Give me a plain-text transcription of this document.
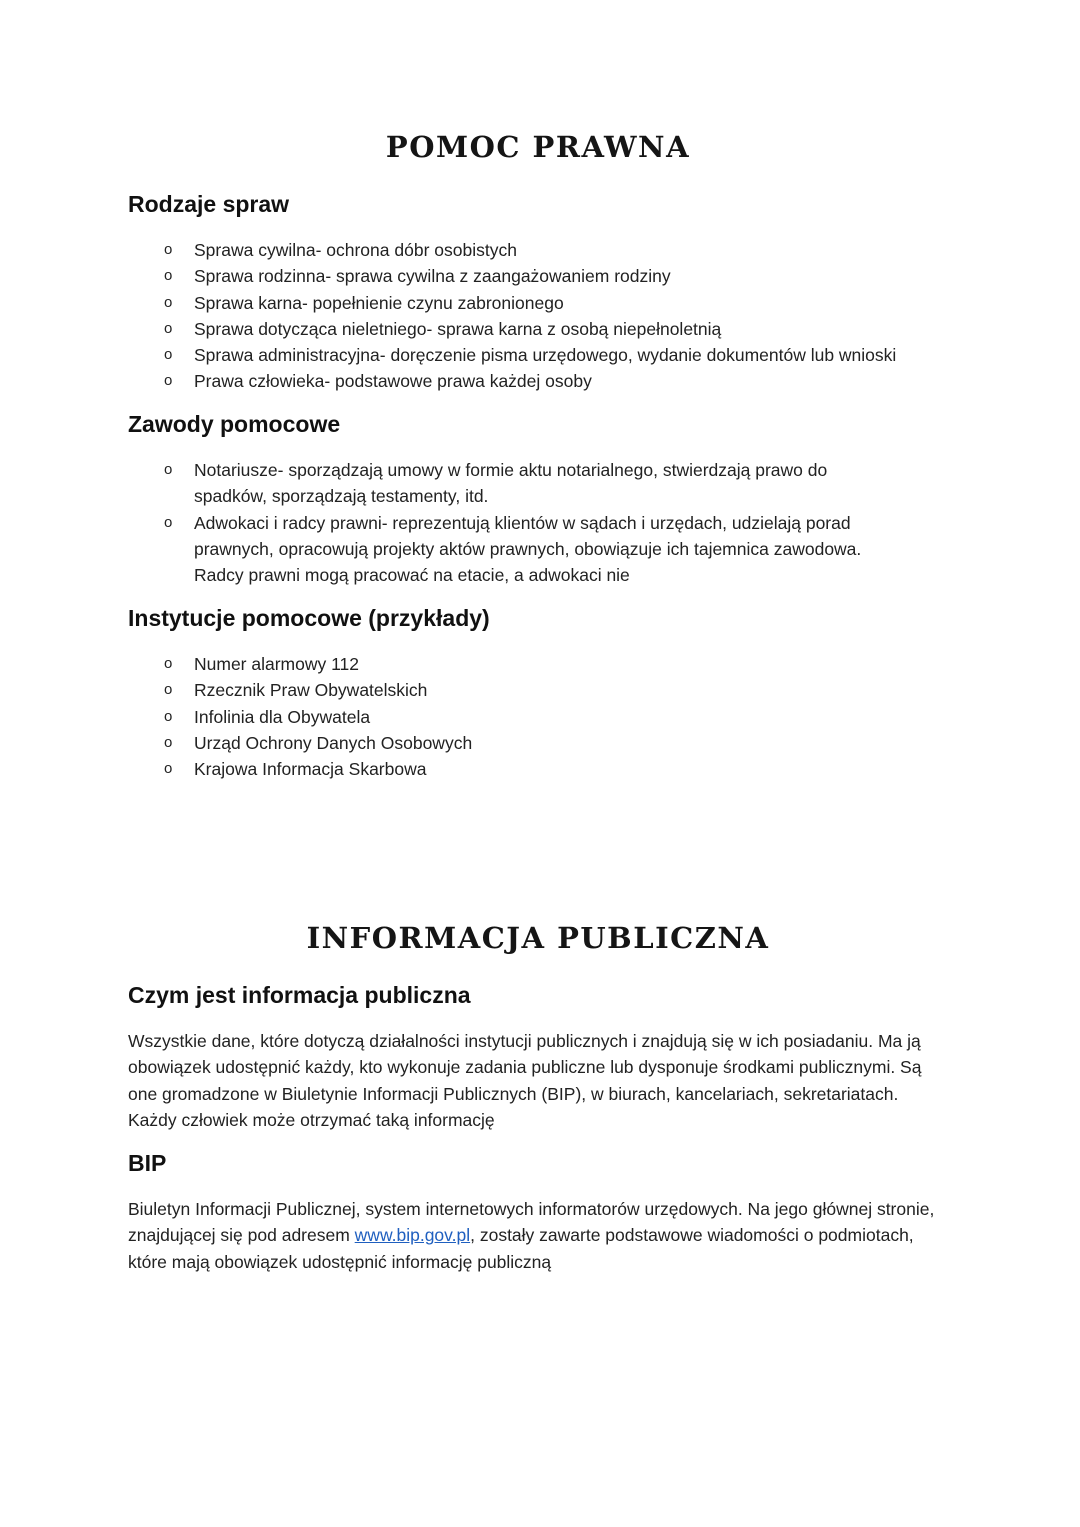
POMOC PRAWNA
Rodzaje spraw
o Sprawa cywilna- ochrona dóbr osobistych
o Sprawa rodzinna- sprawa cywilna z zaangażowaniem rodziny
o Sprawa karna- popełnienie czynu zabronionego
o Sprawa dotycząca nieletniego- sprawa karna z osobą niepełnoletnią
o Sprawa administracyjna- doręczenie pisma urzędowego, wydanie dokumentów lub wnioski
o Prawa człowieka- podstawowe prawa każdej osoby
Zawody pomocowe
o Notariusze- sporządzają umowy w formie aktu notarialnego, stwierdzają prawo do spadków, sporządzają testamenty, itd.
o Adwokaci i radcy prawni- reprezentują klientów w sądach i urzędach, udzielają porad prawnych, opracowują projekty aktów prawnych, obowiązuje ich tajemnica zawodowa. Radcy prawni mogą pracować na etacie, a adwokaci nie
Instytucje pomocowe (przykłady)
o Numer alarmowy 112
o Rzecznik Praw Obywatelskich
o Infolinia dla Obywatela
o Urząd Ochrony Danych Osobowych
o Krajowa Informacja Skarbowa
INFORMACJA PUBLICZNA
Czym jest informacja publiczna

Wszystkie dane, które dotyczą działalności instytucji publicznych i znajdują się w ich posiadaniu. Ma ją obowiązek udostępnić każdy, kto wykonuje zadania publiczne lub dysponuje środkami publicznymi. Są one gromadzone w Biuletynie Informacji Publicznych (BIP), w biurach, kancelariach, sekretariatach. Każdy człowiek może otrzymać taką informację

BIP

Biuletyn Informacji Publicznej, system internetowych informatorów urzędowych. Na jego głównej stronie, znajdującej się pod adresem www.bip.gov.pl, zostały zawarte podstawowe wiadomości o podmiotach, które mają obowiązek udostępnić informację publiczną
